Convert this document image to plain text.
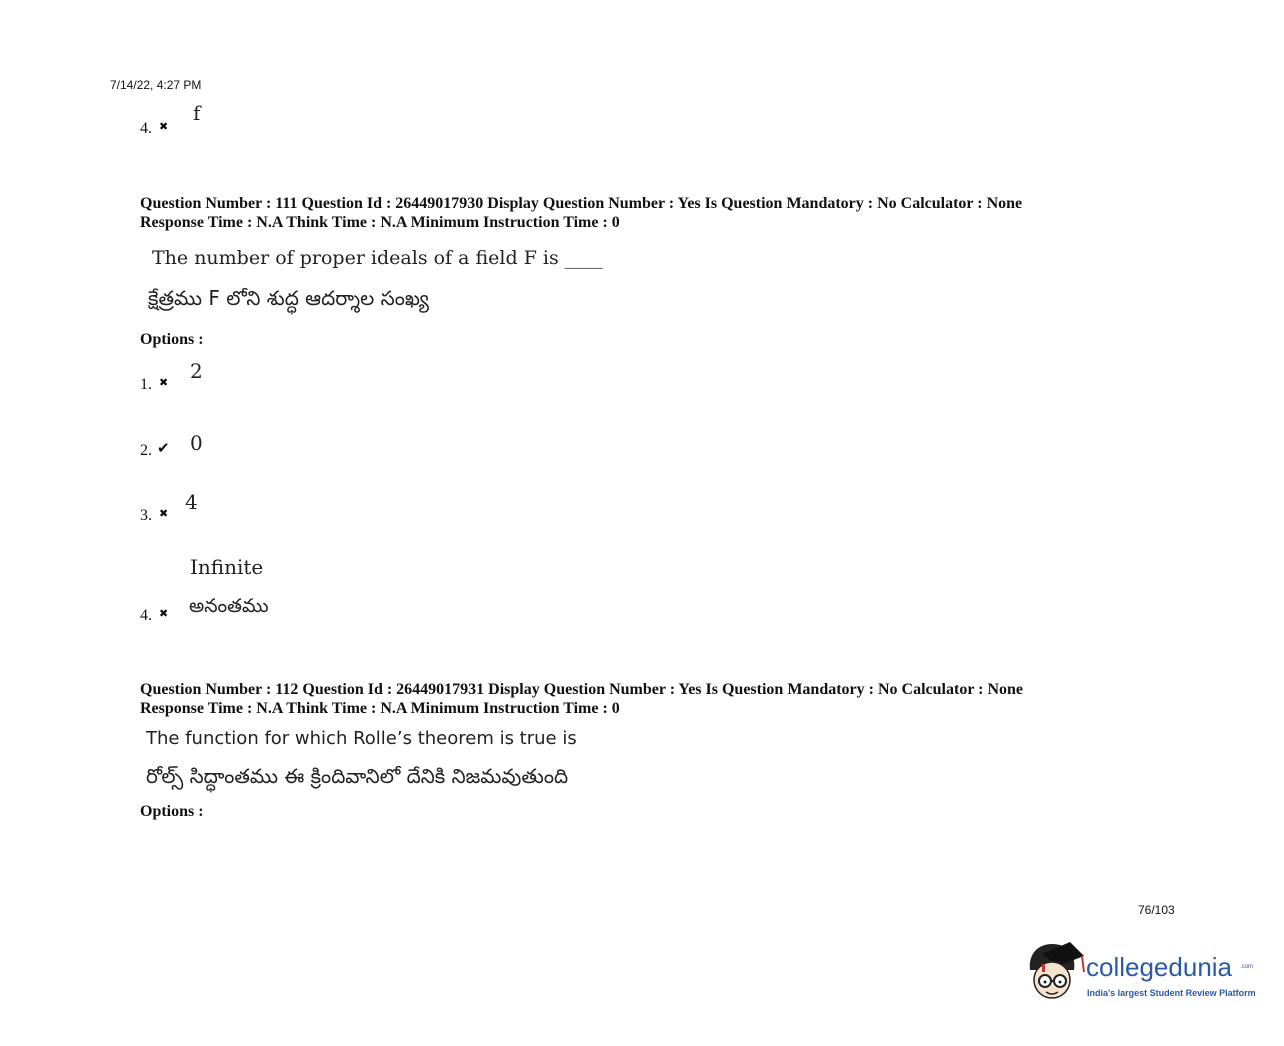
7/14/22, 4:27 PM
4. ✖
f
Question Number : 111 Question Id : 26449017930 Display Question Number : Yes Is Question Mandatory : No Calculator : None
Response Time : N.A Think Time : N.A Minimum Instruction Time : 0
The number of proper ideals of a field F is ____
క్షేత్రము F లోని శుద్ధ ఆదర్శాల సంఖ్య
Options :
1. ✖ 2
2. ✔ 0
3. ✖ 4
Infinite
అనంతము
4. ✖
Question Number : 112 Question Id : 26449017931 Display Question Number : Yes Is Question Mandatory : No Calculator : None
Response Time : N.A Think Time : N.A Minimum Instruction Time : 0
The function for which Rolle’s theorem is true is
రోల్స్ సిద్ధాంతము ఈ క్రిందివానిలో దేనికి నిజమవుతుంది
Options :
76/103
collegedunia .com
India's largest Student Review Platform
